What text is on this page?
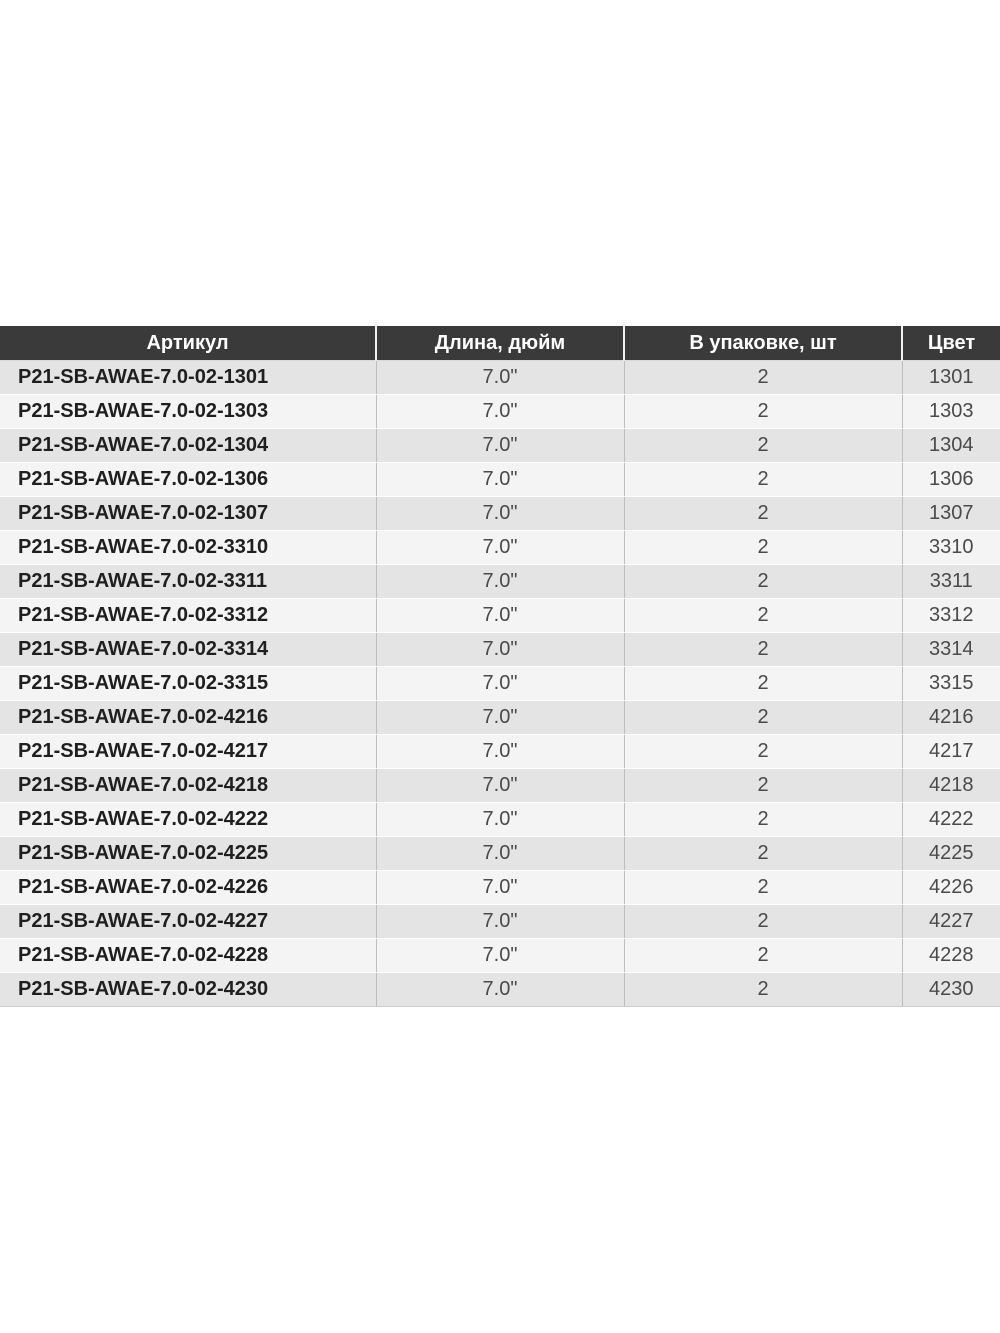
Артикул	Длина, дюйм	В упаковке, шт	Цвет
P21-SB-AWAE-7.0-02-1301	7.0"	2	1301
P21-SB-AWAE-7.0-02-1303	7.0"	2	1303
P21-SB-AWAE-7.0-02-1304	7.0"	2	1304
P21-SB-AWAE-7.0-02-1306	7.0"	2	1306
P21-SB-AWAE-7.0-02-1307	7.0"	2	1307
P21-SB-AWAE-7.0-02-3310	7.0"	2	3310
P21-SB-AWAE-7.0-02-3311	7.0"	2	3311
P21-SB-AWAE-7.0-02-3312	7.0"	2	3312
P21-SB-AWAE-7.0-02-3314	7.0"	2	3314
P21-SB-AWAE-7.0-02-3315	7.0"	2	3315
P21-SB-AWAE-7.0-02-4216	7.0"	2	4216
P21-SB-AWAE-7.0-02-4217	7.0"	2	4217
P21-SB-AWAE-7.0-02-4218	7.0"	2	4218
P21-SB-AWAE-7.0-02-4222	7.0"	2	4222
P21-SB-AWAE-7.0-02-4225	7.0"	2	4225
P21-SB-AWAE-7.0-02-4226	7.0"	2	4226
P21-SB-AWAE-7.0-02-4227	7.0"	2	4227
P21-SB-AWAE-7.0-02-4228	7.0"	2	4228
P21-SB-AWAE-7.0-02-4230	7.0"	2	4230
